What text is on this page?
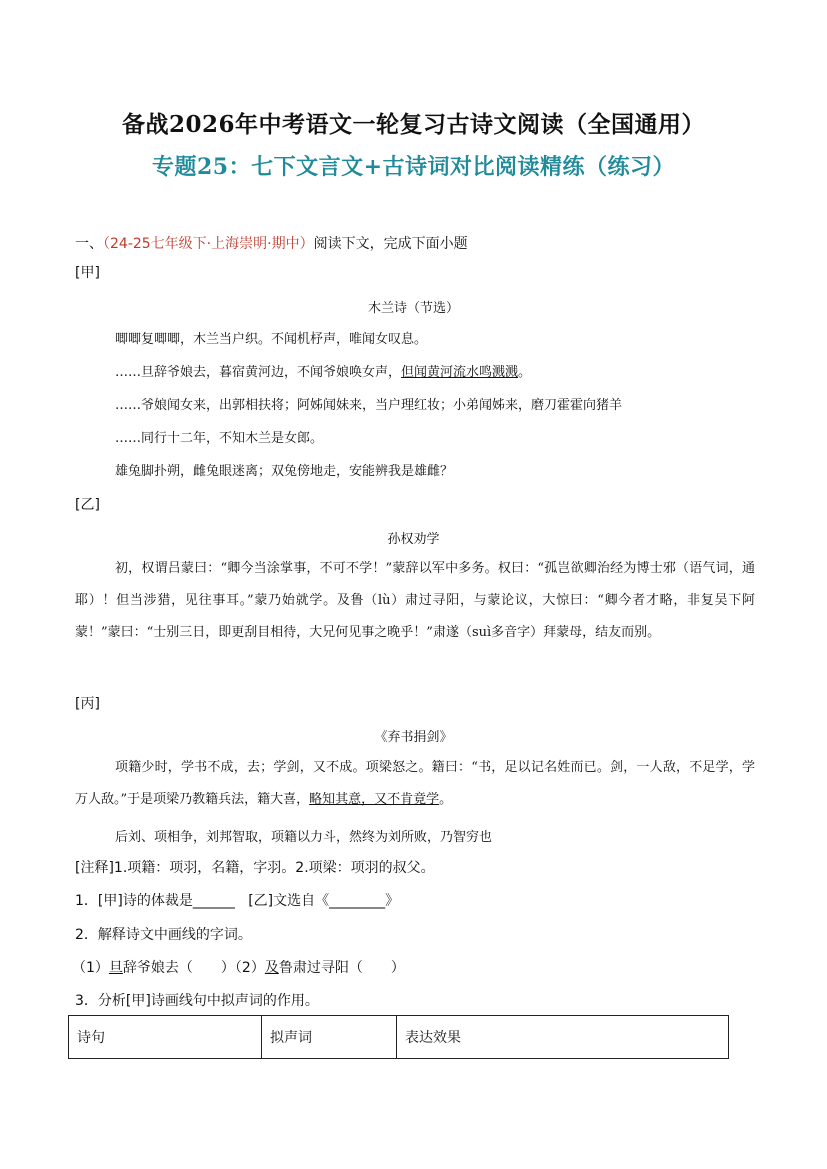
备战2026年中考语文一轮复习古诗文阅读（全国通用）
专题25：七下文言文+古诗词对比阅读精练（练习）
一、（24-25七年级下·上海崇明·期中）阅读下文，完成下面小题
[甲]
木兰诗（节选）
唧唧复唧唧，木兰当户织。不闻机杼声，唯闻女叹息。
……旦辞爷娘去，暮宿黄河边，不闻爷娘唤女声，但闻黄河流水鸣溅溅。
……爷娘闻女来，出郭相扶将；阿姊闻妹来，当户理红妆；小弟闻姊来，磨刀霍霍向猪羊
……同行十二年，不知木兰是女郎。
雄兔脚扑朔，雌兔眼迷离；双兔傍地走，安能辨我是雄雌？
[乙]
孙权劝学
初，权谓吕蒙曰：“卿今当涂掌事，不可不学！”蒙辞以军中多务。权曰：“孤岂欲卿治经为博士邪（语气词，通耶）！但当涉猎，见往事耳。”蒙乃始就学。及鲁（lù）肃过寻阳，与蒙论议，大惊曰：“卿今者才略，非复吴下阿蒙！”蒙曰：“士别三日，即更刮目相待，大兄何见事之晚乎！”肃遂（suì多音字）拜蒙母，结友而别。
[丙]
《弃书捐剑》
项籍少时，学书不成，去；学剑，又不成。项梁怒之。籍曰：“书，足以记名姓而已。剑，一人敌，不足学，学万人敌。”于是项梁乃教籍兵法，籍大喜，略知其意，又不肯竟学。
后刘、项相争，刘邦智取，项籍以力斗，然终为刘所败，乃智穷也
[注释]1.项籍：项羽，名籍，字羽。2.项梁：项羽的叔父。
1．[甲]诗的体裁是______ [乙]文选自《________》
2．解释诗文中画线的字词。
（1）旦辞爷娘去（　　）（2）及鲁肃过寻阳（　　）
3．分析[甲]诗画线句中拟声词的作用。
诗句	拟声词	表达效果
